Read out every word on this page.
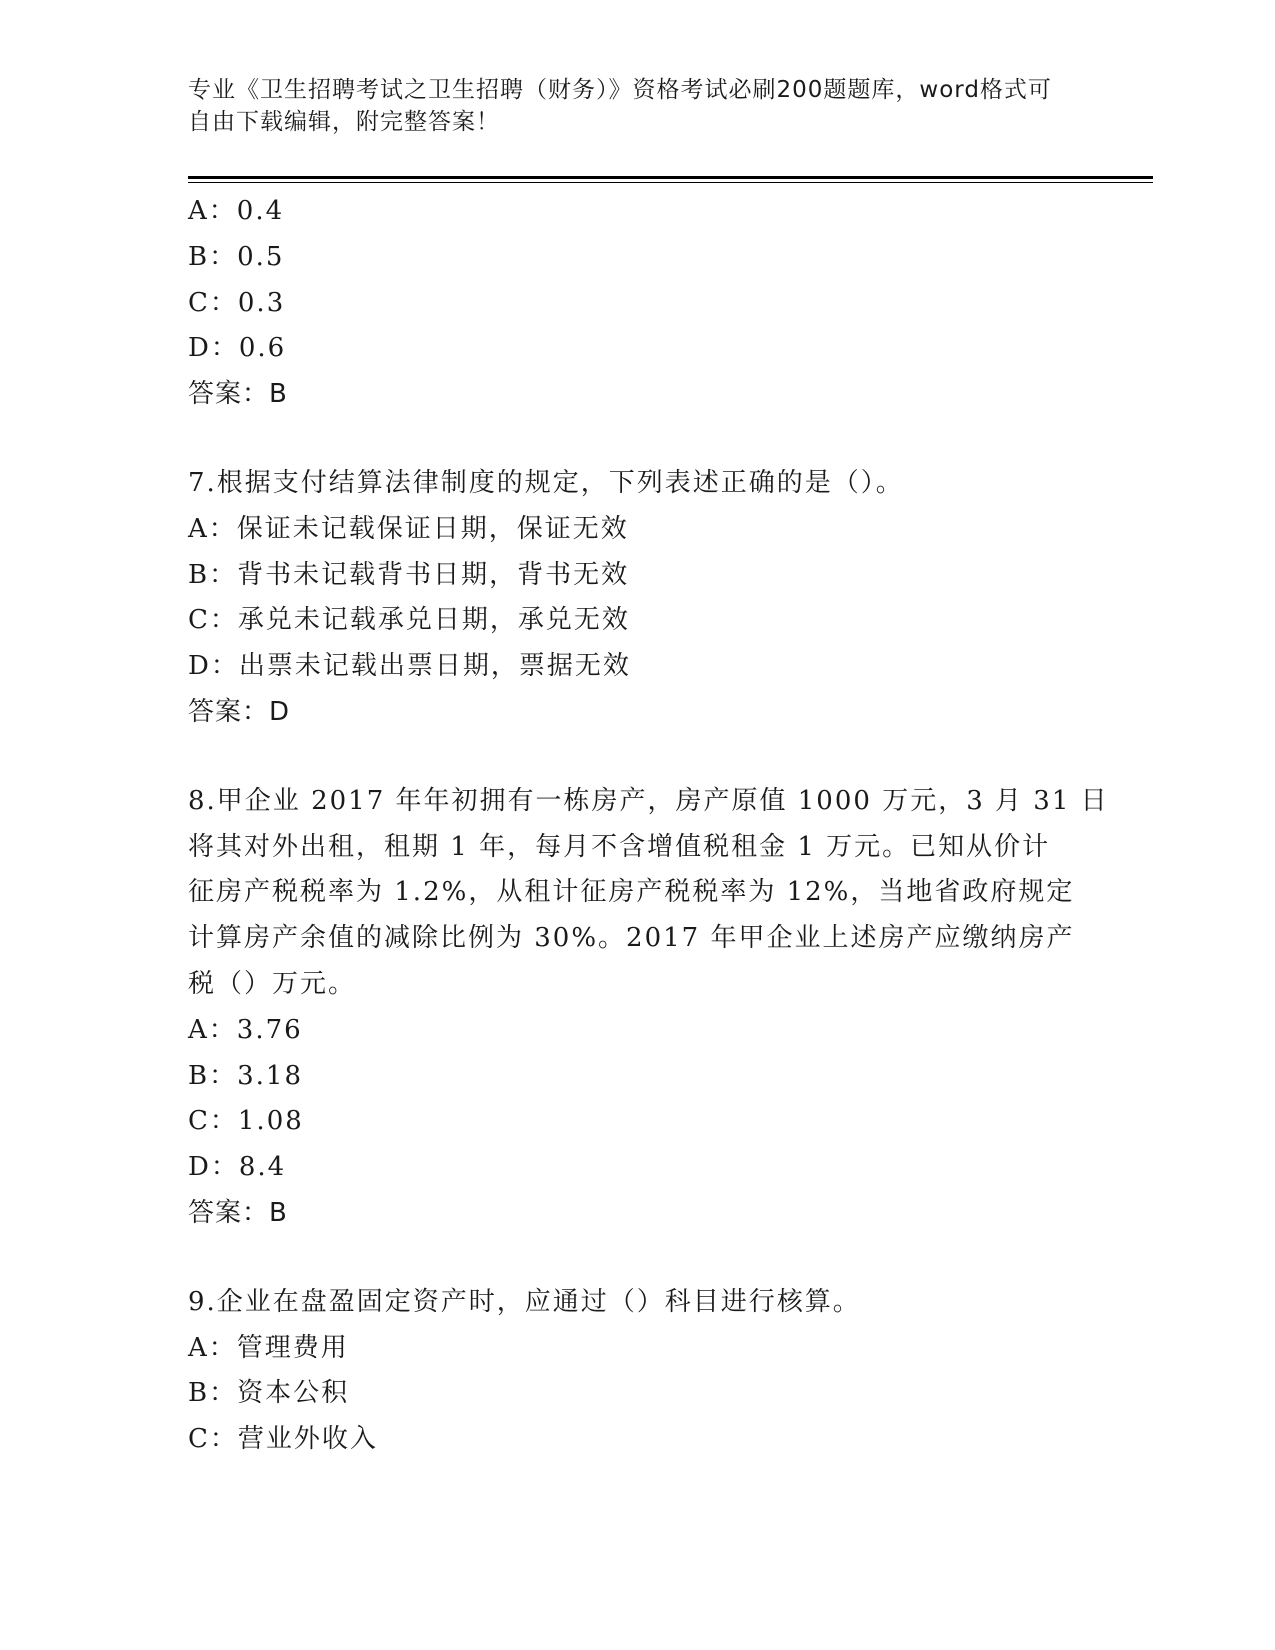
专业《卫生招聘考试之卫生招聘（财务）》资格考试必刷200题题库，word格式可自由下载编辑，附完整答案！
A：0.4
B：0.5
C：0.3
D：0.6
答案：B
7.根据支付结算法律制度的规定，下列表述正确的是（）。
A：保证未记载保证日期，保证无效
B：背书未记载背书日期，背书无效
C：承兑未记载承兑日期，承兑无效
D：出票未记载出票日期，票据无效
答案：D
8.甲企业 2017 年年初拥有一栋房产，房产原值 1000 万元，3 月 31 日
将其对外出租，租期 1 年，每月不含增值税租金 1 万元。已知从价计
征房产税税率为 1.2%，从租计征房产税税率为 12%，当地省政府规定
计算房产余值的减除比例为 30%。2017 年甲企业上述房产应缴纳房产
税（）万元。
A：3.76
B：3.18
C：1.08
D：8.4
答案：B
9.企业在盘盈固定资产时，应通过（）科目进行核算。
A：管理费用
B：资本公积
C：营业外收入
